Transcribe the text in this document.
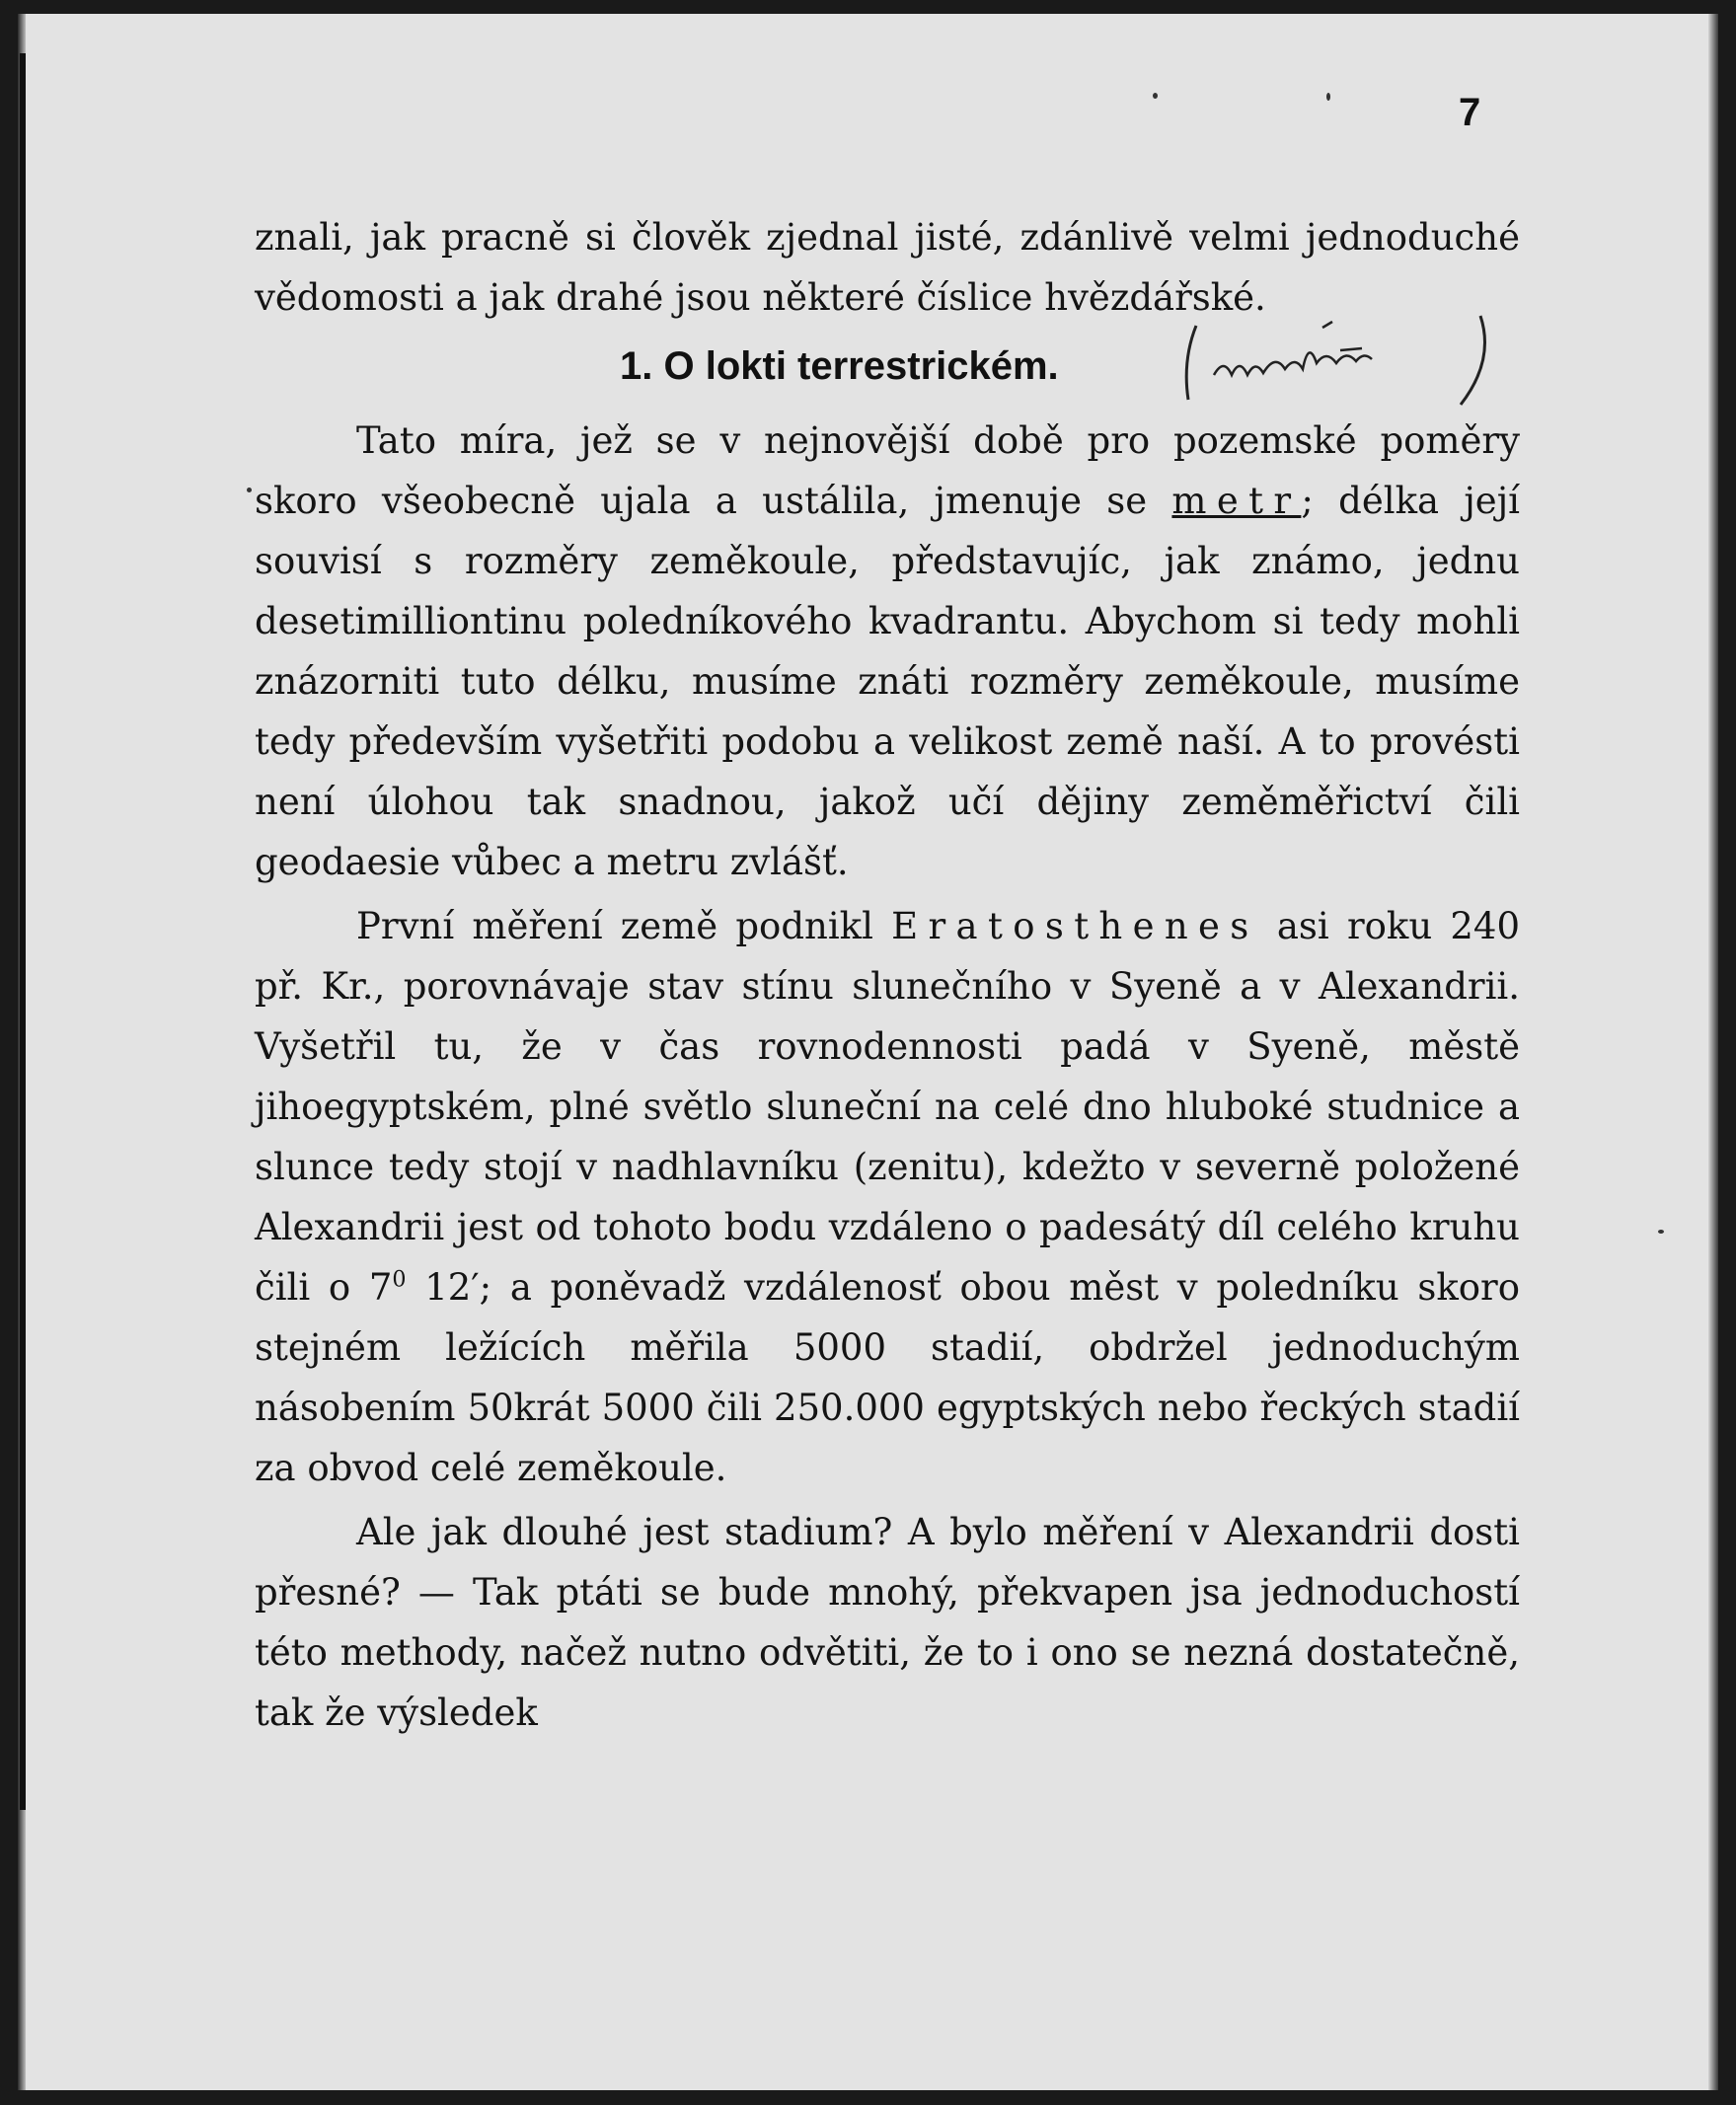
7

znali, jak pracně si člověk zjednal jisté, zdánlivě velmi jednoduché vědomosti a jak drahé jsou některé číslice hvězdářské.

1. O lokti terrestrickém.

Tato míra, jež se v nejnovější době pro pozemské poměry skoro všeobecně ujala a ustálila, jmenuje se metr; délka její souvisí s rozměry zeměkoule, představujíc, jak známo, jednu desetimilliontinu poledníkového kvadrantu. Abychom si tedy mohli znázorniti tuto délku, musíme znáti rozměry zeměkoule, musíme tedy především vyšetřiti podobu a velikost země naší. A to provésti není úlohou tak snadnou, jakož učí dějiny zeměměřictví čili geodaesie vůbec a metru zvlášť.

První měření země podnikl Eratosthenes asi roku 240 př. Kr., porovnávaje stav stínu slunečního v Syeně a v Alexandrii. Vyšetřil tu, že v čas rovnodennosti padá v Syeně, městě jihoegyptském, plné světlo sluneční na celé dno hluboké studnice a slunce tedy stojí v nadhlavníku (zenitu), kdežto v severně položené Alexandrii jest od tohoto bodu vzdáleno o padesátý díl celého kruhu čili o $7^0$ 12′; a poněvadž vzdálenosť obou měst v poledníku skoro stejném ležících měřila 5000 stadií, obdržel jednoduchým násobením 50krát 5000 čili 250.000 egyptských nebo řeckých stadií za obvod celé zeměkoule.

Ale jak dlouhé jest stadium? A bylo měření v Alexandrii dosti přesné? — Tak ptáti se bude mnohý, překvapen jsa jednoduchostí této methody, načež nutno odvětiti, že to i ono se nezná dostatečně, tak že výsledek
